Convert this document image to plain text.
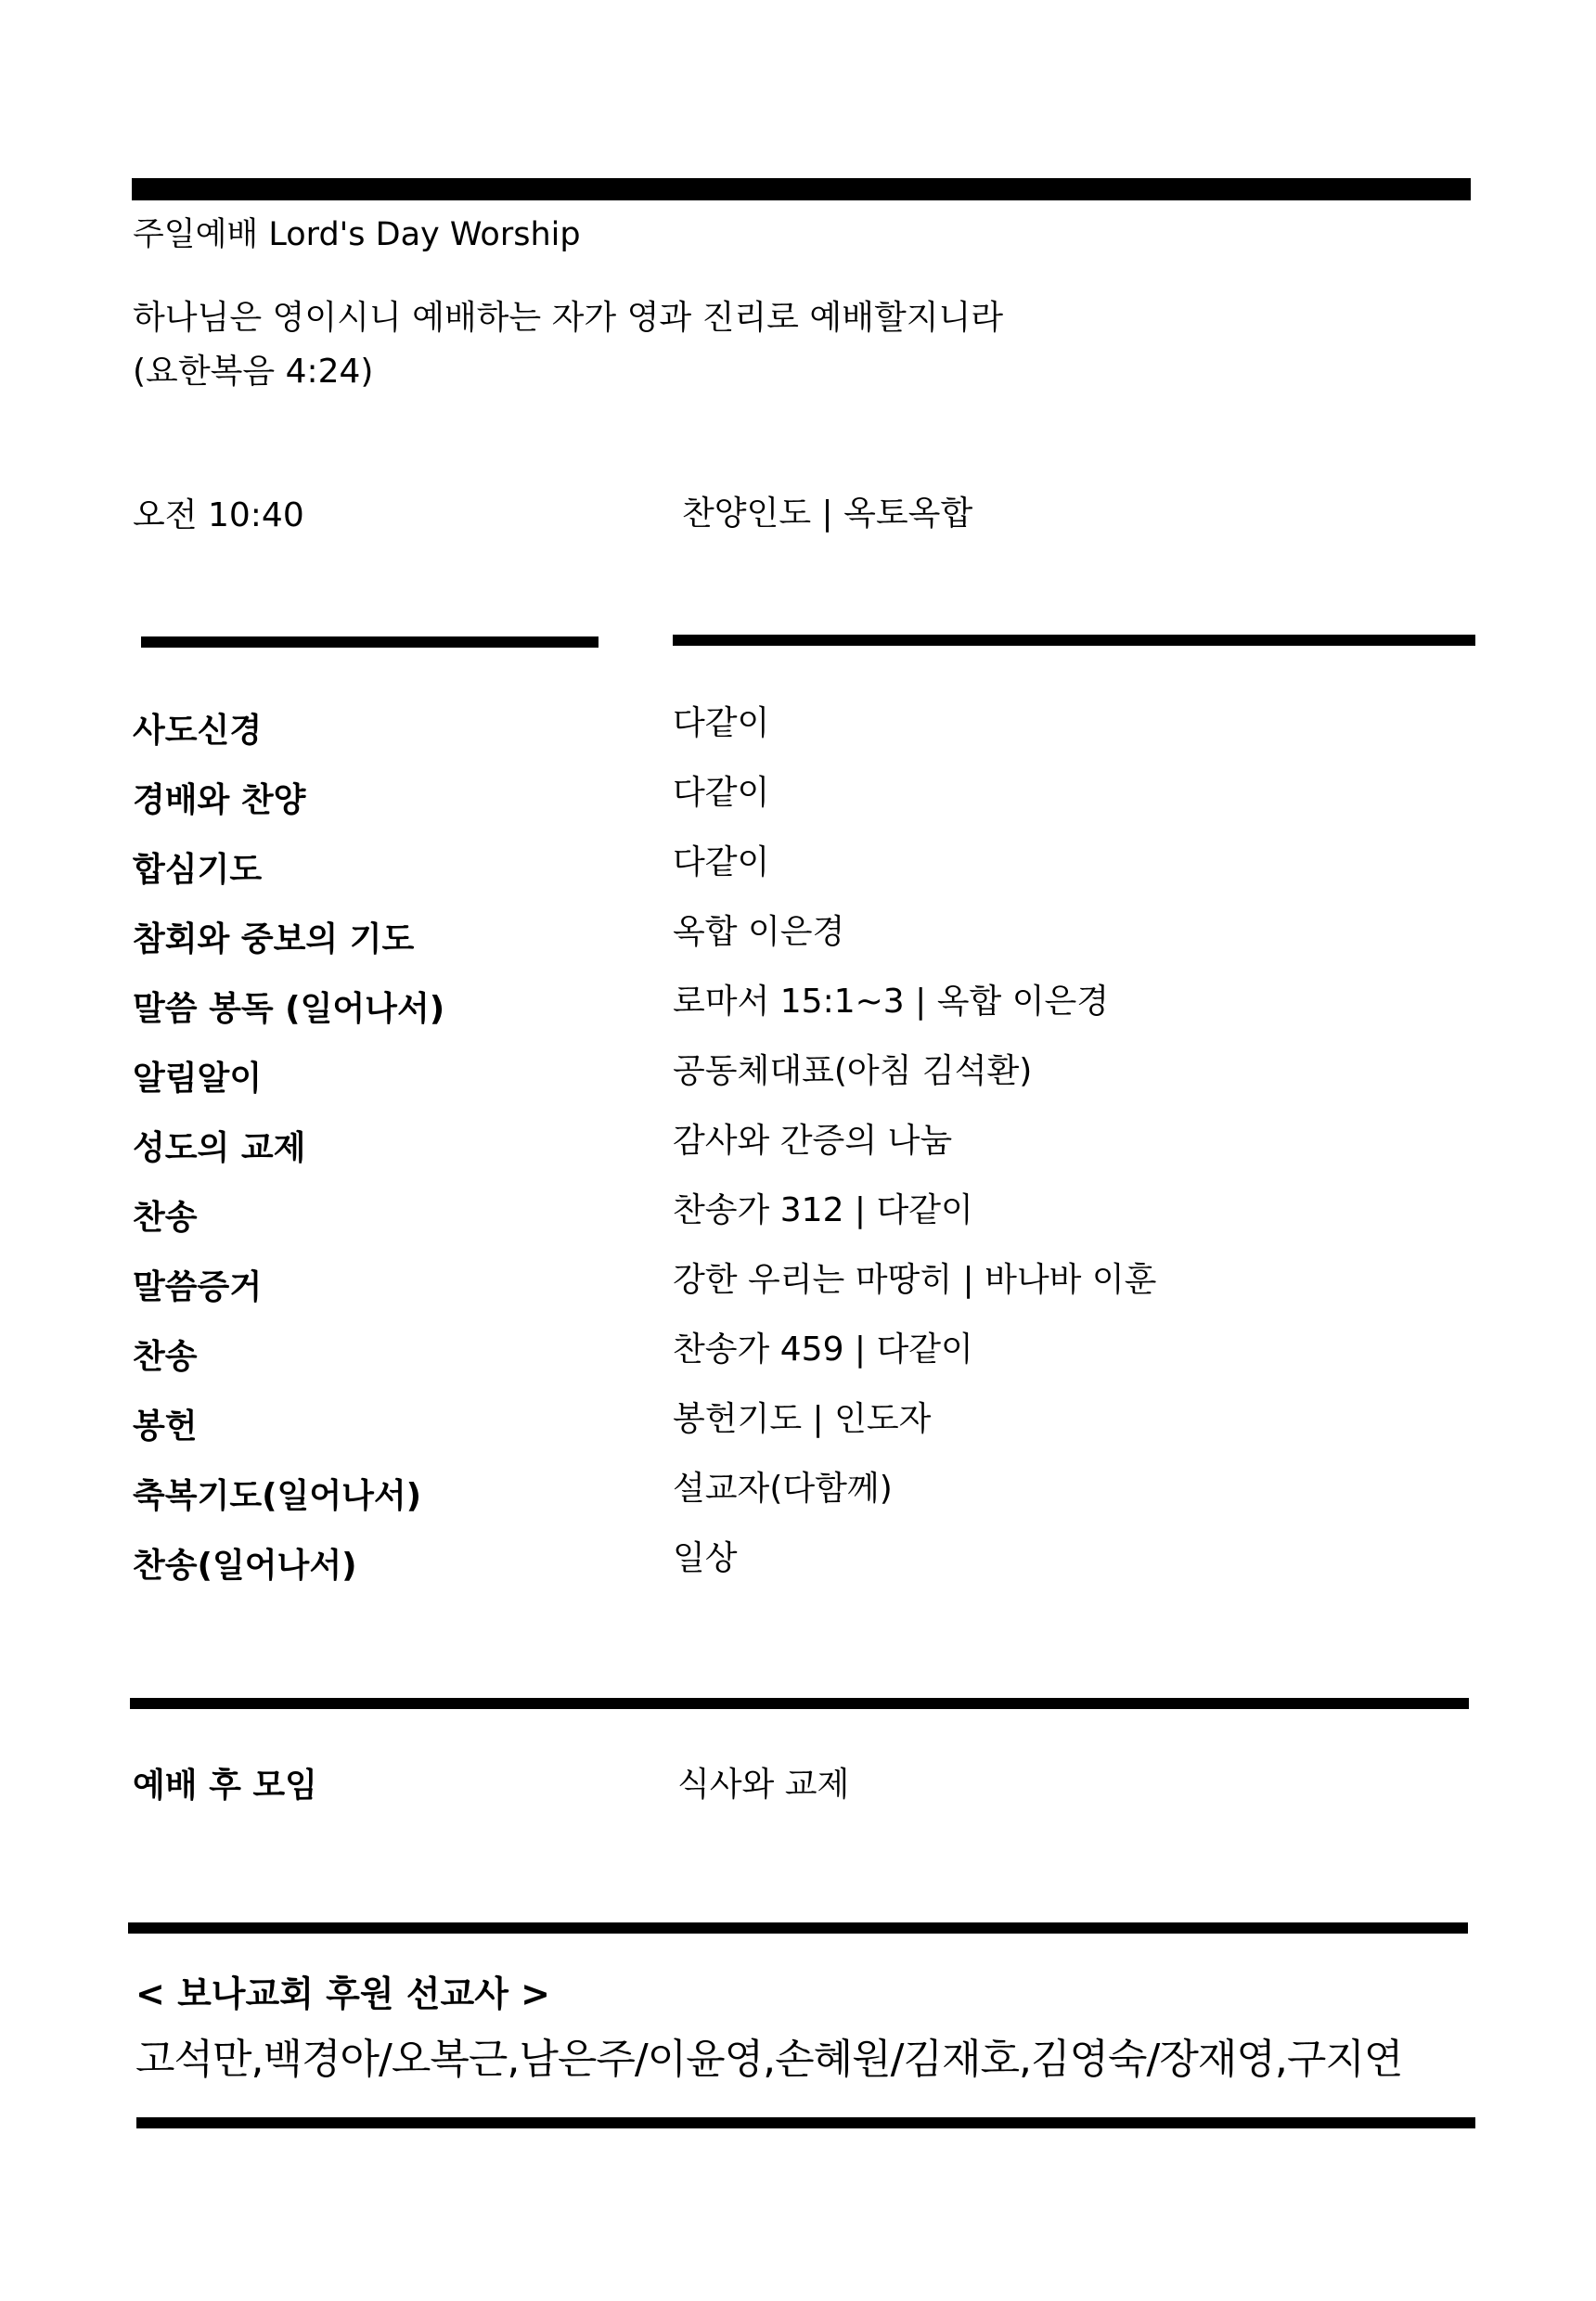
주일예배 Lord's Day Worship
하나님은 영이시니 예배하는 자가 영과 진리로 예배할지니라
(요한복음 4:24)
오전 10:40	찬양인도 | 옥토옥합
사도신경	다같이
경배와 찬양	다같이
합심기도	다같이
참회와 중보의 기도	옥합 이은경
말씀 봉독 (일어나서)	로마서 15:1~3 | 옥합 이은경
알림알이	공동체대표(아침 김석환)
성도의 교제	감사와 간증의 나눔
찬송	찬송가 312 | 다같이
말씀증거	강한 우리는 마땅히 | 바나바 이훈
찬송	찬송가 459 | 다같이
봉헌	봉헌기도 | 인도자
축복기도(일어나서)	설교자(다함께)
찬송(일어나서)	일상
예배 후 모임	식사와 교제
< 보나교회 후원 선교사 >
고석만,백경아/오복근,남은주/이윤영,손혜원/김재호,김영숙/장재영,구지연
